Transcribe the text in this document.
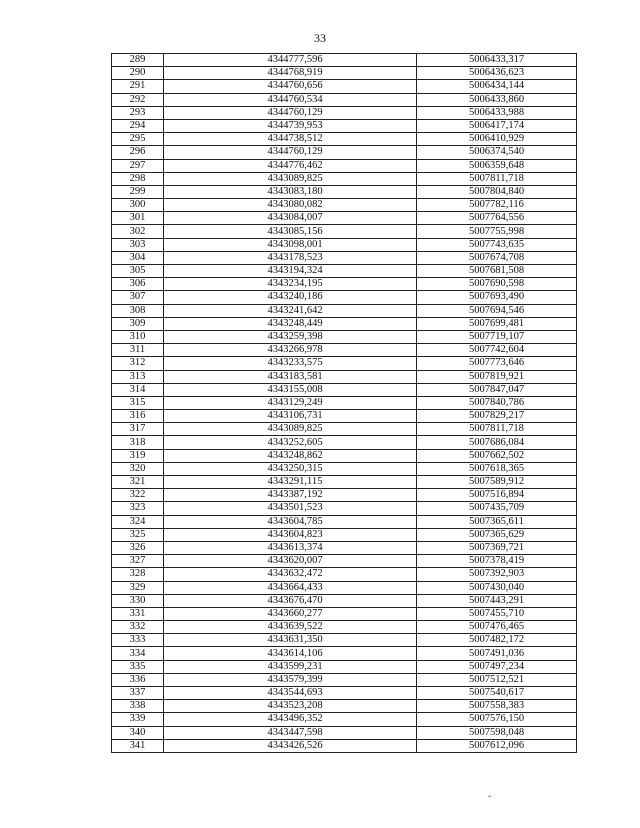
33
289	4344777,596	5006433,317
290	4344768,919	5006436,623
291	4344760,656	5006434,144
292	4344760,534	5006433,860
293	4344760,129	5006433,988
294	4344739,953	5006417,174
295	4344738,512	5006410,929
296	4344760,129	5006374,540
297	4344776,462	5006359,648
298	4343089,825	5007811,718
299	4343083,180	5007804,840
300	4343080,082	5007782,116
301	4343084,007	5007764,556
302	4343085,156	5007755,998
303	4343098,001	5007743,635
304	4343178,523	5007674,708
305	4343194,324	5007681,508
306	4343234,195	5007690,598
307	4343240,186	5007693,490
308	4343241,642	5007694,546
309	4343248,449	5007699,481
310	4343259,398	5007719,107
311	4343266,978	5007742,604
312	4343233,575	5007773,646
313	4343183,581	5007819,921
314	4343155,008	5007847,047
315	4343129,249	5007840,786
316	4343106,731	5007829,217
317	4343089,825	5007811,718
318	4343252,605	5007686,084
319	4343248,862	5007662,502
320	4343250,315	5007618,365
321	4343291,115	5007589,912
322	4343387,192	5007516,894
323	4343501,523	5007435,709
324	4343604,785	5007365,611
325	4343604,823	5007365,629
326	4343613,374	5007369,721
327	4343620,007	5007378,419
328	4343632,472	5007392,903
329	4343664,433	5007430,040
330	4343676,470	5007443,291
331	4343660,277	5007455,710
332	4343639,522	5007476,465
333	4343631,350	5007482,172
334	4343614,106	5007491,036
335	4343599,231	5007497,234
336	4343579,399	5007512,521
337	4343544,693	5007540,617
338	4343523,208	5007558,383
339	4343496,352	5007576,150
340	4343447,598	5007598,048
341	4343426,526	5007612,096
ˇ
